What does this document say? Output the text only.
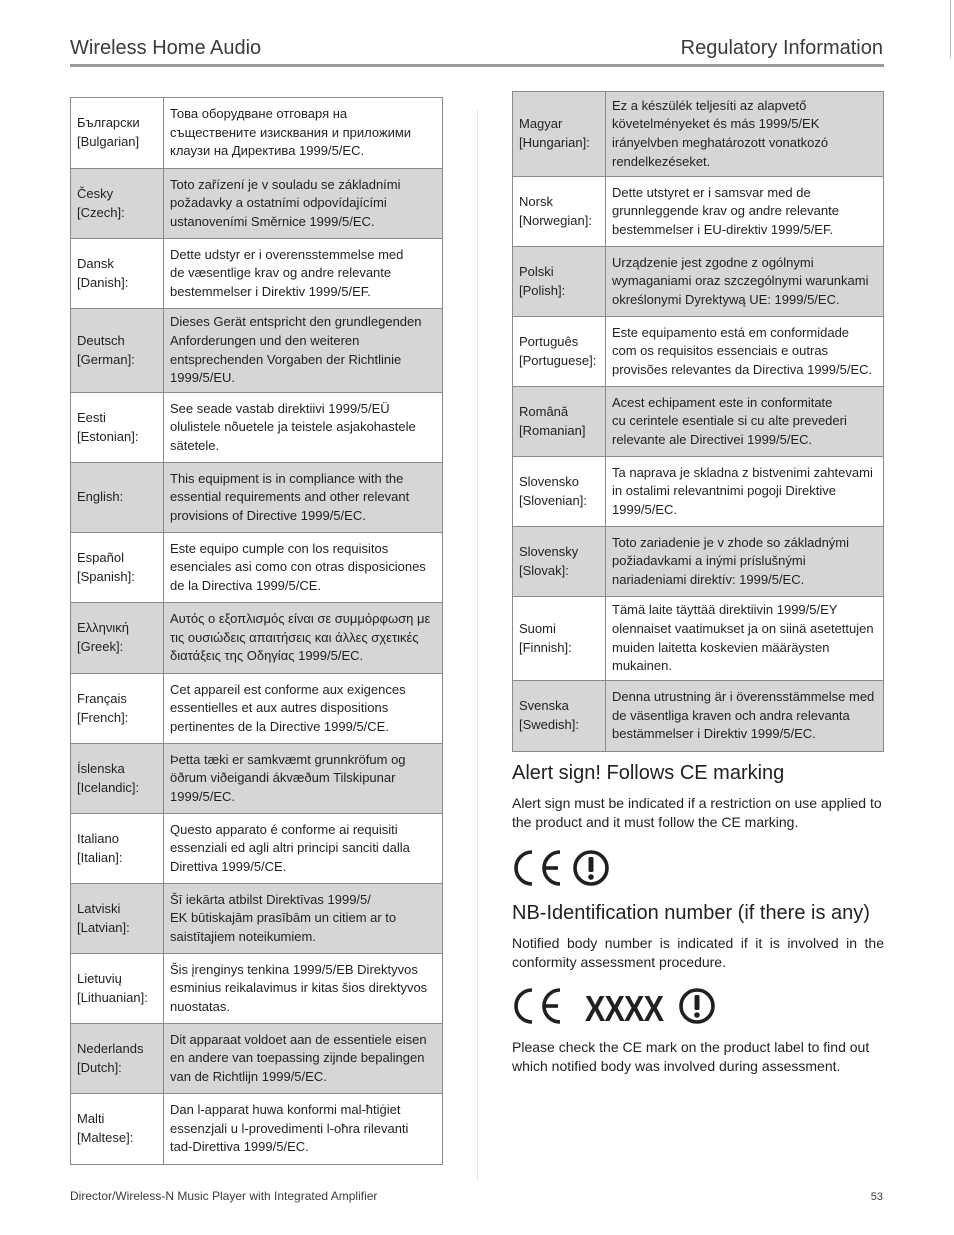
Wireless Home Audio	Regulatory Information
Български
[Bulgarian]	Това оборудване отговаря на
съществените изисквания и приложими
клаузи на Директива 1999/5/ЕС.
Česky
[Czech]:	Toto zařízení je v souladu se základními
požadavky a ostatními odpovídajícími
ustanoveními Směrnice 1999/5/EC.
Dansk
[Danish]:	Dette udstyr er i overensstemmelse med
de væsentlige krav og andre relevante
bestemmelser i Direktiv 1999/5/EF.
Deutsch
[German]:	Dieses Gerät entspricht den grundlegenden
Anforderungen und den weiteren
entsprechenden Vorgaben der Richtlinie
1999/5/EU.
Eesti
[Estonian]:	See seade vastab direktiivi 1999/5/EÜ
olulistele nõuetele ja teistele asjakohastele
sätetele.
English:	This equipment is in compliance with the
essential requirements and other relevant
provisions of Directive 1999/5/EC.
Español
[Spanish]:	Este equipo cumple con los requisitos
esenciales asi como con otras disposiciones
de la Directiva 1999/5/CE.
Ελληνική
[Greek]:	Αυτός ο εξοπλισμός είναι σε συμμόρφωση με
τις ουσιώδεις απαιτήσεις και άλλες σχετικές
διατάξεις της Οδηγίας 1999/5/EC.
Français
[French]:	Cet appareil est conforme aux exigences
essentielles et aux autres dispositions
pertinentes de la Directive 1999/5/CE.
Íslenska
[Icelandic]:	Þetta tæki er samkvæmt grunnkröfum og
öðrum viðeigandi ákvæðum Tilskipunar
1999/5/EC.
Italiano
[Italian]:	Questo apparato é conforme ai requisiti
essenziali ed agli altri principi sanciti dalla
Direttiva 1999/5/CE.
Latviski
[Latvian]:	Šī iekārta atbilst Direktīvas 1999/5/
EK būtiskajām prasībām un citiem ar to
saistītajiem noteikumiem.
Lietuvių
[Lithuanian]:	Šis įrenginys tenkina 1999/5/EB Direktyvos
esminius reikalavimus ir kitas šios direktyvos
nuostatas.
Nederlands
[Dutch]:	Dit apparaat voldoet aan de essentiele eisen
en andere van toepassing zijnde bepalingen
van de Richtlijn 1999/5/EC.
Malti
[Maltese]:	Dan l-apparat huwa konformi mal-ħtiġiet
essenzjali u l-provedimenti l-oħra rilevanti
tad-Direttiva 1999/5/EC.
Magyar
[Hungarian]:	Ez a készülék teljesíti az alapvető
követelményeket és más 1999/5/EK
irányelvben meghatározott vonatkozó
rendelkezéseket.
Norsk
[Norwegian]:	Dette utstyret er i samsvar med de
grunnleggende krav og andre relevante
bestemmelser i EU-direktiv 1999/5/EF.
Polski
[Polish]:	Urządzenie jest zgodne z ogólnymi
wymaganiami oraz szczególnymi warunkami
określonymi Dyrektywą UE: 1999/5/EC.
Português
[Portuguese]:	Este equipamento está em conformidade
com os requisitos essenciais e outras
provisões relevantes da Directiva 1999/5/EC.
Română
[Romanian]	Acest echipament este in conformitate
cu cerintele esentiale si cu alte prevederi
relevante ale Directivei 1999/5/EC.
Slovensko
[Slovenian]:	Ta naprava je skladna z bistvenimi zahtevami
in ostalimi relevantnimi pogoji Direktive
1999/5/EC.
Slovensky
[Slovak]:	Toto zariadenie je v zhode so základnými
požiadavkami a inými príslušnými
nariadeniami direktív: 1999/5/EC.
Suomi
[Finnish]:	Tämä laite täyttää direktiivin 1999/5/EY
olennaiset vaatimukset ja on siinä asetettujen
muiden laitetta koskevien määräysten
mukainen.
Svenska
[Swedish]:	Denna utrustning är i överensstämmelse med
de väsentliga kraven och andra relevanta
bestämmelser i Direktiv 1999/5/EC.
Alert sign! Follows CE marking

Alert sign must be indicated if a restriction on use applied to the product and it must follow the CE marking.

NB-Identification number (if there is any)

Notified body number is indicated if it is involved in the conformity assessment procedure.

XXXX

Please check the CE mark on the product label to find out which notified body was involved during assessment.

Director/Wireless-N Music Player with Integrated Amplifier	53
